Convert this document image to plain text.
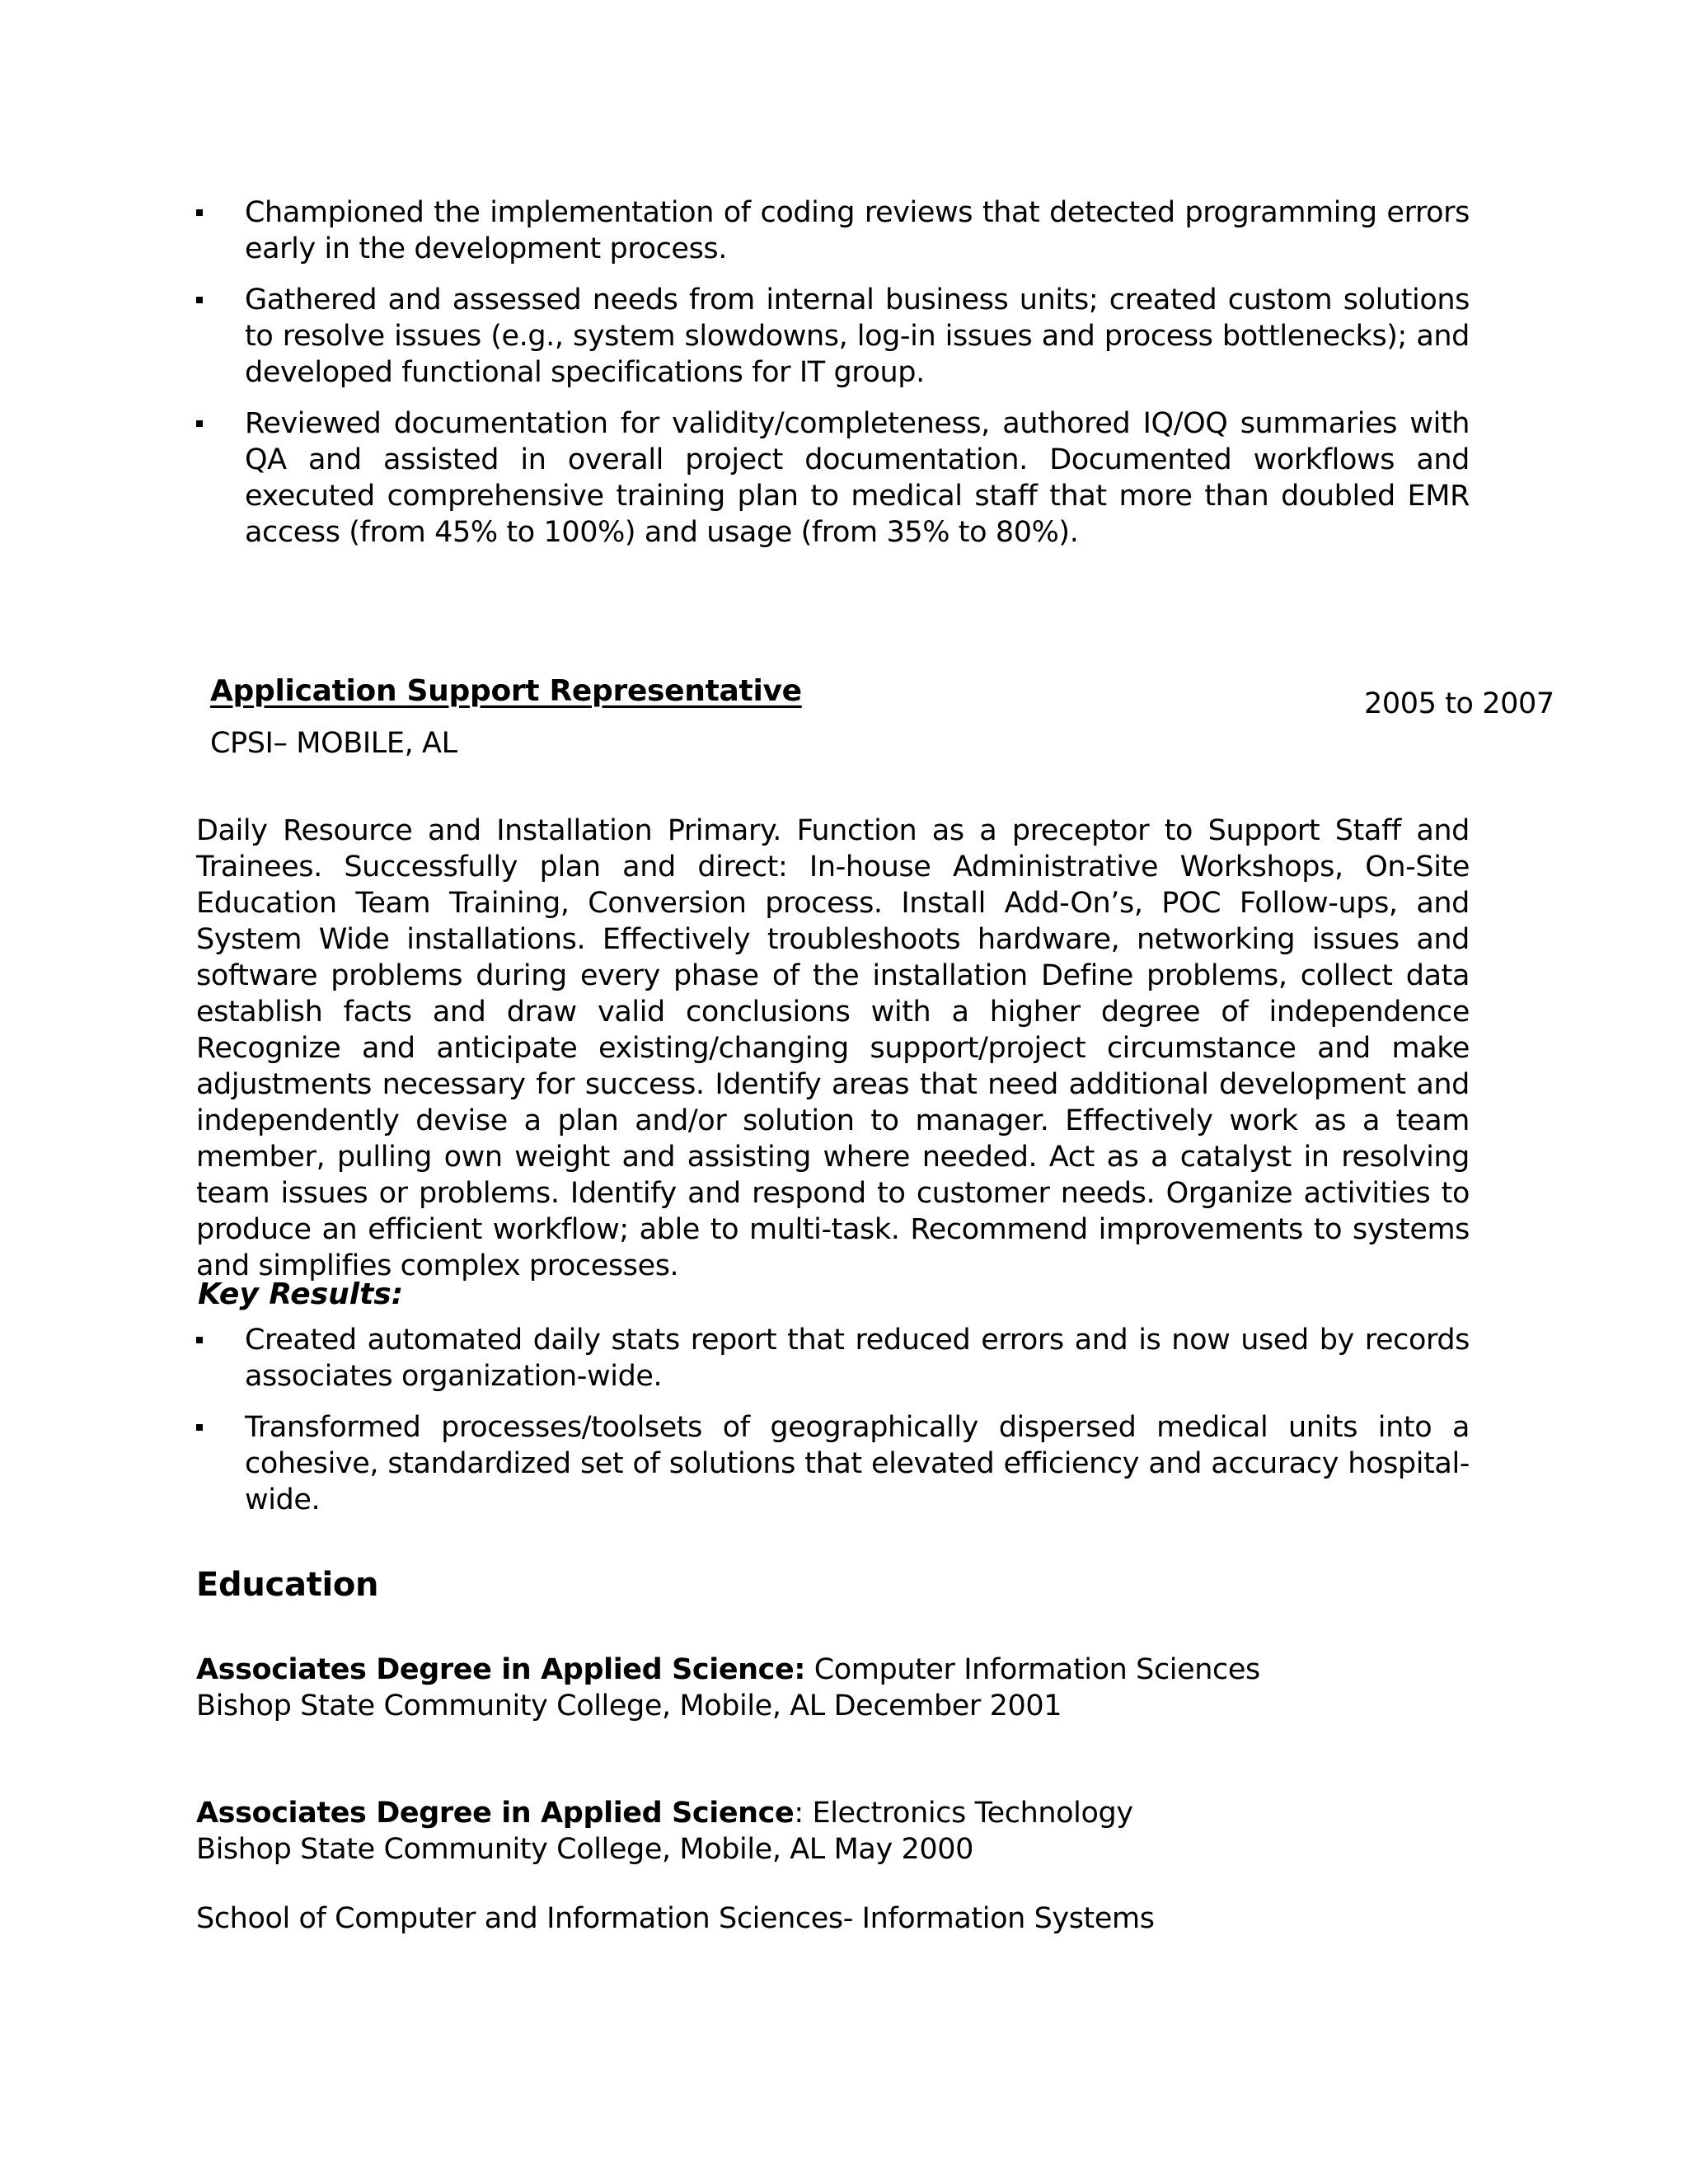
Championed the implementation of coding reviews that detected programming errors early in the development process.
Gathered and assessed needs from internal business units; created custom solutions to resolve issues (e.g., system slowdowns, log-in issues and process bottlenecks); and developed functional specifications for IT group.
Reviewed documentation for validity/completeness, authored IQ/OQ summaries with QA and assisted in overall project documentation. Documented workflows and executed comprehensive training plan to medical staff that more than doubled EMR access (from 45% to 100%) and usage (from 35% to 80%).
Application Support Representative	2005 to 2007
CPSI– MOBILE, AL
Daily Resource and Installation Primary. Function as a preceptor to Support Staff and Trainees. Successfully plan and direct: In-house Administrative Workshops, On-Site Education Team Training, Conversion process. Install Add-On’s, POC Follow-ups, and System Wide installations. Effectively troubleshoots hardware, networking issues and software problems during every phase of the installation Define problems, collect data establish facts and draw valid conclusions with a higher degree of independence Recognize and anticipate existing/changing support/project circumstance and make adjustments necessary for success. Identify areas that need additional development and independently devise a plan and/or solution to manager. Effectively work as a team member, pulling own weight and assisting where needed. Act as a catalyst in resolving team issues or problems. Identify and respond to customer needs. Organize activities to produce an efficient workflow; able to multi-task. Recommend improvements to systems and simplifies complex processes.
Key Results:
Created automated daily stats report that reduced errors and is now used by records associates organization-wide.
Transformed processes/toolsets of geographically dispersed medical units into a cohesive, standardized set of solutions that elevated efficiency and accuracy hospital-wide.
Education
Associates Degree in Applied Science: Computer Information Sciences
Bishop State Community College, Mobile, AL December 2001
Associates Degree in Applied Science: Electronics Technology
Bishop State Community College, Mobile, AL May 2000
School of Computer and Information Sciences- Information Systems
